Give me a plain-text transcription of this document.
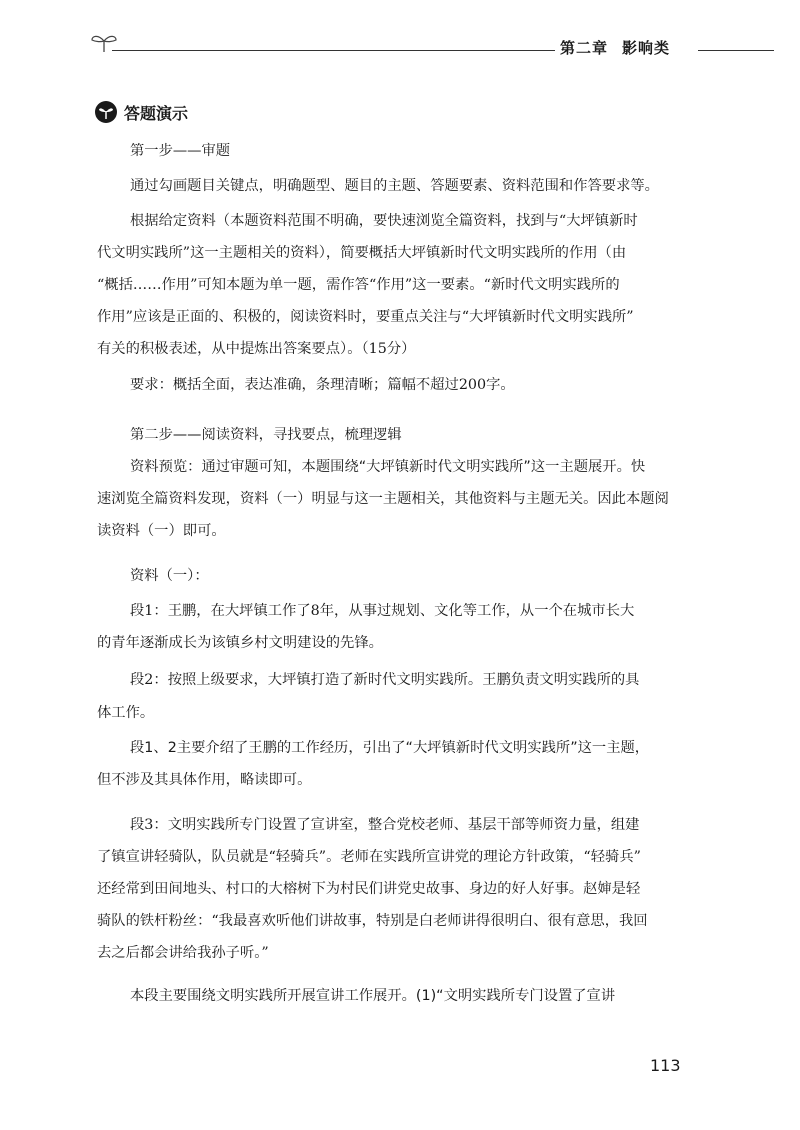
第二章 影响类
答题演示
第一步——审题
通过勾画题目关键点，明确题型、题目的主题、答题要素、资料范围和作答要求等。
根据给定资料（本题资料范围不明确，要快速浏览全篇资料，找到与“大坪镇新时
代文明实践所”这一主题相关的资料），简要概括大坪镇新时代文明实践所的作用（由
“概括……作用”可知本题为单一题，需作答“作用”这一要素。“新时代文明实践所的
作用”应该是正面的、积极的，阅读资料时，要重点关注与“大坪镇新时代文明实践所”
有关的积极表述，从中提炼出答案要点）。（15分）
要求：概括全面，表达准确，条理清晰；篇幅不超过200字。
第二步——阅读资料，寻找要点，梳理逻辑
资料预览：通过审题可知，本题围绕“大坪镇新时代文明实践所”这一主题展开。快
速浏览全篇资料发现，资料（一）明显与这一主题相关，其他资料与主题无关。因此本题阅
读资料（一）即可。
资料（一）：
段1：王鹏，在大坪镇工作了8年，从事过规划、文化等工作，从一个在城市长大
的青年逐渐成长为该镇乡村文明建设的先锋。
段2：按照上级要求，大坪镇打造了新时代文明实践所。王鹏负责文明实践所的具
体工作。
段1、2主要介绍了王鹏的工作经历，引出了“大坪镇新时代文明实践所”这一主题，
但不涉及其具体作用，略读即可。
段3：文明实践所专门设置了宣讲室，整合党校老师、基层干部等师资力量，组建
了镇宣讲轻骑队，队员就是“轻骑兵”。老师在实践所宣讲党的理论方针政策，“轻骑兵”
还经常到田间地头、村口的大榕树下为村民们讲党史故事、身边的好人好事。赵婶是轻
骑队的铁杆粉丝：“我最喜欢听他们讲故事，特别是白老师讲得很明白、很有意思，我回
去之后都会讲给我孙子听。”
本段主要围绕文明实践所开展宣讲工作展开。(1)“文明实践所专门设置了宣讲
113
